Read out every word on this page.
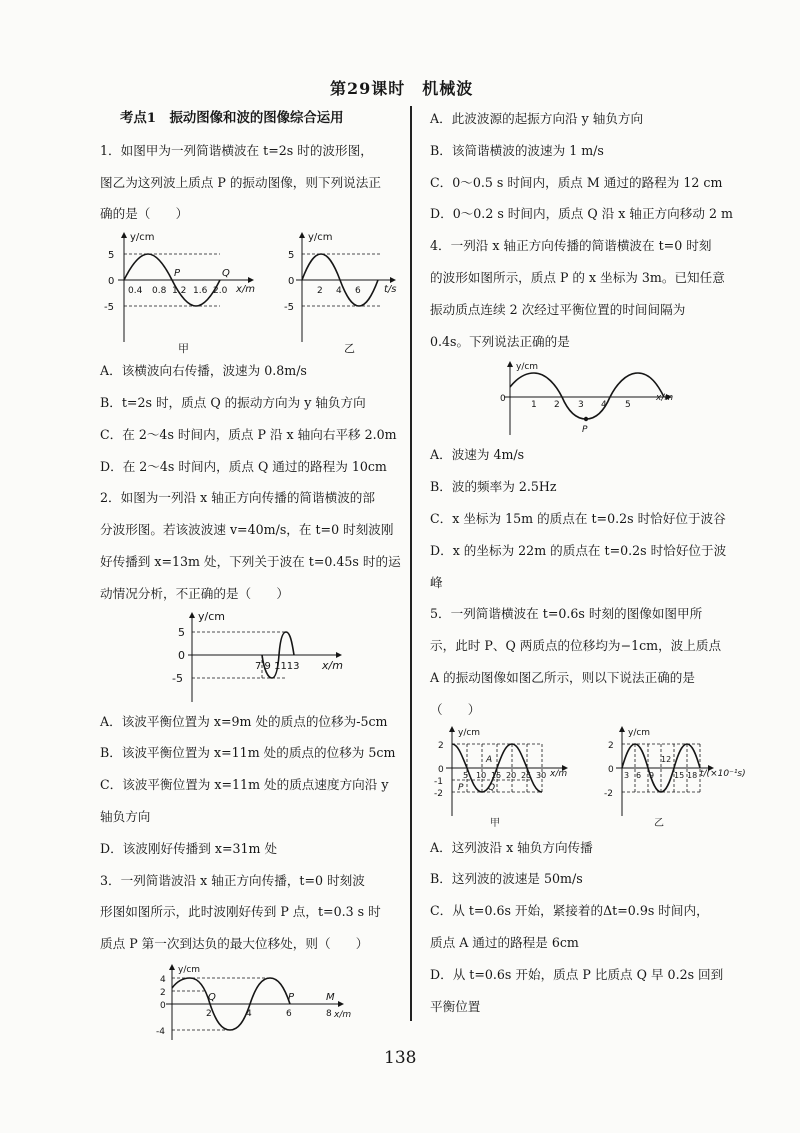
第29课时　机械波
考点1　振动图像和波的图像综合运用
1．如图甲为一列简谐横波在 t=2s 时的波形图，
图乙为这列波上质点 P 的振动图像，则下列说法正
确的是（　　）
y/cm
5
0
-5
0.4 0.8 1.2 1.6 2.0 x/m
P	Q
甲
y/cm
5
0
-5
2 4 6 t/s
乙
A．该横波向右传播，波速为 0.8m/s
B．t=2s 时，质点 Q 的振动方向为 y 轴负方向
C．在 2～4s 时间内，质点 P 沿 x 轴向右平移 2.0m
D．在 2～4s 时间内，质点 Q 通过的路程为 10cm
2．如图为一列沿 x 轴正方向传播的简谐横波的部
分波形图。若该波波速 v=40m/s，在 t=0 时刻波刚
好传播到 x=13m 处，下列关于波在 t=0.45s 时的运
动情况分析，不正确的是（　　）
y/cm
5
0
-5
7 9 1113 x/m
A．该波平衡位置为 x=9m 处的质点的位移为-5cm
B．该波平衡位置为 x=11m 处的质点的位移为 5cm
C．该波平衡位置为 x=11m 处的质点速度方向沿 y
轴负方向
D．该波刚好传播到 x=31m 处
3．一列简谐波沿 x 轴正方向传播，t=0 时刻波
形图如图所示，此时波刚好传到 P 点，t=0.3 s 时
质点 P 第一次到达负的最大位移处，则（　　）
y/cm
4
2
0
-4
2	4	6	8 x/m
Q	P	M
A．此波波源的起振方向沿 y 轴负方向
B．该简谐横波的波速为 1 m/s
C．0～0.5 s 时间内，质点 M 通过的路程为 12 cm
D．0～0.2 s 时间内，质点 Q 沿 x 轴正方向移动 2 m
4．一列沿 x 轴正方向传播的简谐横波在 t=0 时刻
的波形如图所示，质点 P 的 x 坐标为 3m。已知任意
振动质点连续 2 次经过平衡位置的时间间隔为
0.4s。下列说法正确的是
y/cm
0
1 2 3 4 5
x/m
P
A．波速为 4m/s
B．波的频率为 2.5Hz
C．x 坐标为 15m 的质点在 t=0.2s 时恰好位于波谷
D．x 的坐标为 22m 的质点在 t=0.2s 时恰好位于波
峰
5．一列简谐横波在 t=0.6s 时刻的图像如图甲所
示，此时 P、Q 两质点的位移均为−1cm，波上质点
A 的振动图像如图乙所示，则以下说法正确的是
（　　）
y/cm
2
0
-1
-2
5 10 15 20 25 30 x/m
P
A
Q
甲
y/cm
2
0
-2
3 6 9
12
15 18 t/(×10⁻¹s)
乙
A．这列波沿 x 轴负方向传播
B．这列波的波速是 50m/s
C．从 t=0.6s 开始，紧接着的Δt=0.9s 时间内，
质点 A 通过的路程是 6cm
D．从 t=0.6s 开始，质点 P 比质点 Q 早 0.2s 回到
平衡位置
138
